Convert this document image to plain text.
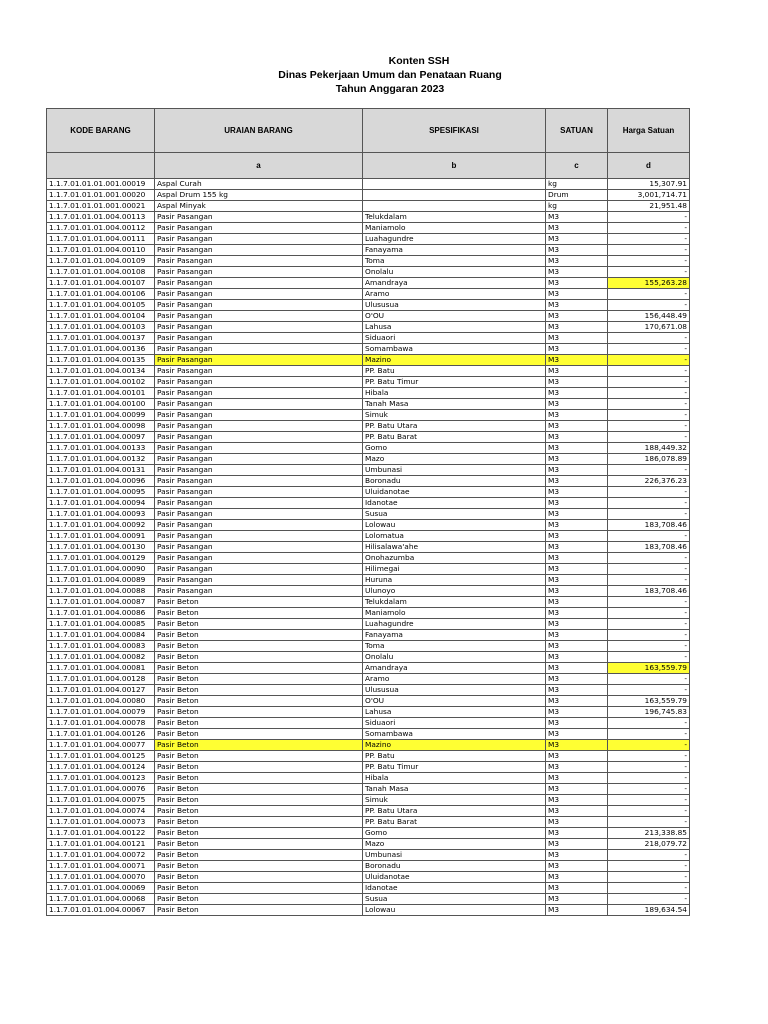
Konten SSH
Dinas Pekerjaan Umum dan Penataan Ruang
Tahun Anggaran 2023
KODE BARANG	URAIAN BARANG	SPESIFIKASI	SATUAN	Harga Satuan
	a	b	c	d
1.1.7.01.01.01.001.00019	Aspal Curah		kg	15,307.91
1.1.7.01.01.01.001.00020	Aspal Drum 155 kg		Drum	3,001,714.71
1.1.7.01.01.01.001.00021	Aspal Minyak		kg	21,951.48
1.1.7.01.01.01.004.00113	Pasir Pasangan	Telukdalam	M3	-
1.1.7.01.01.01.004.00112	Pasir Pasangan	Maniamolo	M3	-
1.1.7.01.01.01.004.00111	Pasir Pasangan	Luahagundre	M3	-
1.1.7.01.01.01.004.00110	Pasir Pasangan	Fanayama	M3	-
1.1.7.01.01.01.004.00109	Pasir Pasangan	Toma	M3	-
1.1.7.01.01.01.004.00108	Pasir Pasangan	Onolalu	M3	-
1.1.7.01.01.01.004.00107	Pasir Pasangan	Amandraya	M3	155,263.28
1.1.7.01.01.01.004.00106	Pasir Pasangan	Aramo	M3	-
1.1.7.01.01.01.004.00105	Pasir Pasangan	Ulususua	M3	-
1.1.7.01.01.01.004.00104	Pasir Pasangan	O'OU	M3	156,448.49
1.1.7.01.01.01.004.00103	Pasir Pasangan	Lahusa	M3	170,671.08
1.1.7.01.01.01.004.00137	Pasir Pasangan	Siduaori	M3	-
1.1.7.01.01.01.004.00136	Pasir Pasangan	Somambawa	M3	-
1.1.7.01.01.01.004.00135	Pasir Pasangan	Mazino	M3	-
1.1.7.01.01.01.004.00134	Pasir Pasangan	PP. Batu	M3	-
1.1.7.01.01.01.004.00102	Pasir Pasangan	PP. Batu Timur	M3	-
1.1.7.01.01.01.004.00101	Pasir Pasangan	Hibala	M3	-
1.1.7.01.01.01.004.00100	Pasir Pasangan	Tanah Masa	M3	-
1.1.7.01.01.01.004.00099	Pasir Pasangan	Simuk	M3	-
1.1.7.01.01.01.004.00098	Pasir Pasangan	PP. Batu Utara	M3	-
1.1.7.01.01.01.004.00097	Pasir Pasangan	PP. Batu Barat	M3	-
1.1.7.01.01.01.004.00133	Pasir Pasangan	Gomo	M3	188,449.32
1.1.7.01.01.01.004.00132	Pasir Pasangan	Mazo	M3	186,078.89
1.1.7.01.01.01.004.00131	Pasir Pasangan	Umbunasi	M3	-
1.1.7.01.01.01.004.00096	Pasir Pasangan	Boronadu	M3	226,376.23
1.1.7.01.01.01.004.00095	Pasir Pasangan	Uluidanotae	M3	-
1.1.7.01.01.01.004.00094	Pasir Pasangan	Idanotae	M3	-
1.1.7.01.01.01.004.00093	Pasir Pasangan	Susua	M3	-
1.1.7.01.01.01.004.00092	Pasir Pasangan	Lolowau	M3	183,708.46
1.1.7.01.01.01.004.00091	Pasir Pasangan	Lolomatua	M3	-
1.1.7.01.01.01.004.00130	Pasir Pasangan	Hilisalawa'ahe	M3	183,708.46
1.1.7.01.01.01.004.00129	Pasir Pasangan	Onohazumba	M3	-
1.1.7.01.01.01.004.00090	Pasir Pasangan	Hilimegai	M3	-
1.1.7.01.01.01.004.00089	Pasir Pasangan	Huruna	M3	-
1.1.7.01.01.01.004.00088	Pasir Pasangan	Ulunoyo	M3	183,708.46
1.1.7.01.01.01.004.00087	Pasir Beton	Telukdalam	M3	-
1.1.7.01.01.01.004.00086	Pasir Beton	Maniamolo	M3	-
1.1.7.01.01.01.004.00085	Pasir Beton	Luahagundre	M3	-
1.1.7.01.01.01.004.00084	Pasir Beton	Fanayama	M3	-
1.1.7.01.01.01.004.00083	Pasir Beton	Toma	M3	-
1.1.7.01.01.01.004.00082	Pasir Beton	Onolalu	M3	-
1.1.7.01.01.01.004.00081	Pasir Beton	Amandraya	M3	163,559.79
1.1.7.01.01.01.004.00128	Pasir Beton	Aramo	M3	-
1.1.7.01.01.01.004.00127	Pasir Beton	Ulususua	M3	-
1.1.7.01.01.01.004.00080	Pasir Beton	O'OU	M3	163,559.79
1.1.7.01.01.01.004.00079	Pasir Beton	Lahusa	M3	196,745.83
1.1.7.01.01.01.004.00078	Pasir Beton	Siduaori	M3	-
1.1.7.01.01.01.004.00126	Pasir Beton	Somambawa	M3	-
1.1.7.01.01.01.004.00077	Pasir Beton	Mazino	M3	-
1.1.7.01.01.01.004.00125	Pasir Beton	PP. Batu	M3	-
1.1.7.01.01.01.004.00124	Pasir Beton	PP. Batu Timur	M3	-
1.1.7.01.01.01.004.00123	Pasir Beton	Hibala	M3	-
1.1.7.01.01.01.004.00076	Pasir Beton	Tanah Masa	M3	-
1.1.7.01.01.01.004.00075	Pasir Beton	Simuk	M3	-
1.1.7.01.01.01.004.00074	Pasir Beton	PP. Batu Utara	M3	-
1.1.7.01.01.01.004.00073	Pasir Beton	PP. Batu Barat	M3	-
1.1.7.01.01.01.004.00122	Pasir Beton	Gomo	M3	213,338.85
1.1.7.01.01.01.004.00121	Pasir Beton	Mazo	M3	218,079.72
1.1.7.01.01.01.004.00072	Pasir Beton	Umbunasi	M3	-
1.1.7.01.01.01.004.00071	Pasir Beton	Boronadu	M3	-
1.1.7.01.01.01.004.00070	Pasir Beton	Uluidanotae	M3	-
1.1.7.01.01.01.004.00069	Pasir Beton	Idanotae	M3	-
1.1.7.01.01.01.004.00068	Pasir Beton	Susua	M3	-
1.1.7.01.01.01.004.00067	Pasir Beton	Lolowau	M3	189,634.54
